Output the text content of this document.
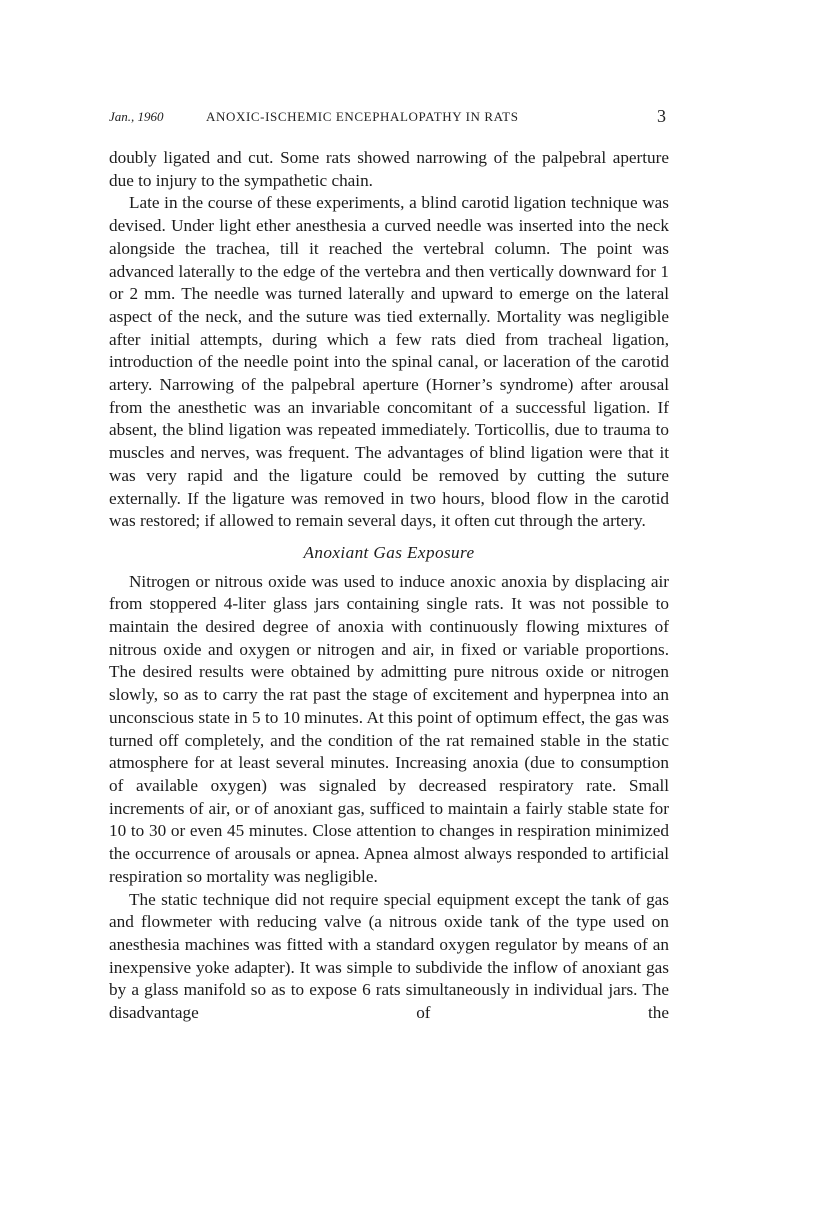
Jan., 1960	ANOXIC-ISCHEMIC ENCEPHALOPATHY IN RATS	3

doubly ligated and cut. Some rats showed narrowing of the palpebral aperture due to injury to the sympathetic chain.

Late in the course of these experiments, a blind carotid ligation technique was devised. Under light ether anesthesia a curved needle was inserted into the neck alongside the trachea, till it reached the vertebral column. The point was advanced laterally to the edge of the vertebra and then vertically downward for 1 or 2 mm. The needle was turned laterally and upward to emerge on the lateral aspect of the neck, and the suture was tied externally. Mortality was negligible after initial attempts, during which a few rats died from tracheal ligation, introduction of the needle point into the spinal canal, or laceration of the carotid artery. Narrowing of the palpebral aperture (Horner’s syndrome) after arousal from the anesthetic was an invariable concomitant of a successful ligation. If absent, the blind ligation was repeated immediately. Torticollis, due to trauma to muscles and nerves, was frequent. The advantages of blind ligation were that it was very rapid and the ligature could be removed by cutting the suture externally. If the ligature was removed in two hours, blood flow in the carotid was restored; if allowed to remain several days, it often cut through the artery.

Anoxiant Gas Exposure

Nitrogen or nitrous oxide was used to induce anoxic anoxia by displacing air from stoppered 4-liter glass jars containing single rats. It was not possible to maintain the desired degree of anoxia with continuously flowing mixtures of nitrous oxide and oxygen or nitrogen and air, in fixed or variable proportions. The desired results were obtained by admitting pure nitrous oxide or nitrogen slowly, so as to carry the rat past the stage of excitement and hyperpnea into an unconscious state in 5 to 10 minutes. At this point of optimum effect, the gas was turned off completely, and the condition of the rat remained stable in the static atmosphere for at least several minutes. Increasing anoxia (due to consumption of available oxygen) was signaled by decreased respiratory rate. Small increments of air, or of anoxiant gas, sufficed to maintain a fairly stable state for 10 to 30 or even 45 minutes. Close attention to changes in respiration minimized the occurrence of arousals or apnea. Apnea almost always responded to artificial respiration so mortality was negligible.

The static technique did not require special equipment except the tank of gas and flowmeter with reducing valve (a nitrous oxide tank of the type used on anesthesia machines was fitted with a standard oxygen regulator by means of an inexpensive yoke adapter). It was simple to subdivide the inflow of anoxiant gas by a glass manifold so as to expose 6 rats simultaneously in individual jars. The disadvantage of the
